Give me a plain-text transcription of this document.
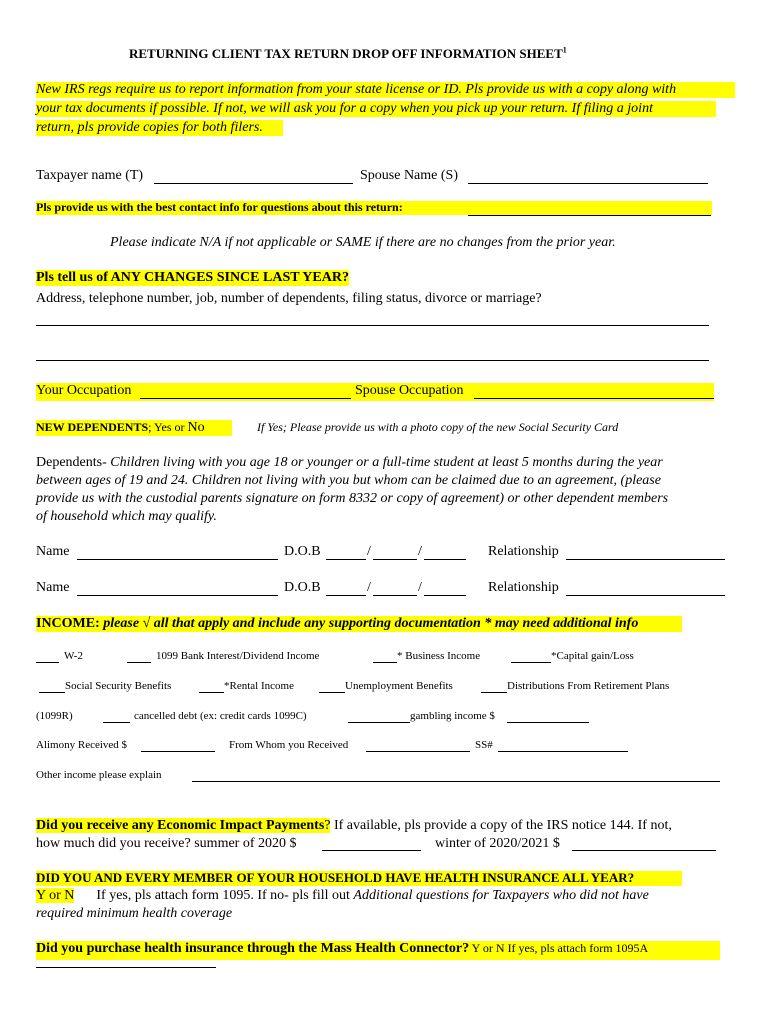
RETURNING CLIENT TAX RETURN DROP OFF INFORMATION SHEET$^1$
New IRS regs require us to report information from your state license or ID. Pls provide us with a copy along with
your tax documents if possible. If not, we will ask you for a copy when you pick up your return. If filing a joint
return, pls provide copies for both filers.
Taxpayer name (T)	Spouse Name (S)
Pls provide us with the best contact info for questions about this return:
Please indicate N/A if not applicable or SAME if there are no changes from the prior year.
Pls tell us of ANY CHANGES SINCE LAST YEAR?
Address, telephone number, job, number of dependents, filing status, divorce or marriage?
Your Occupation	Spouse Occupation
NEW DEPENDENTS; Yes or No	If Yes; Please provide us with a photo copy of the new Social Security Card
Dependents- Children living with you age 18 or younger or a full-time student at least 5 months during the year
between ages of 19 and 24. Children not living with you but whom can be claimed due to an agreement, (please
provide us with the custodial parents signature on form 8332 or copy of agreement) or other dependent members
of household which may qualify.
Name	D.O.B	/	/	Relationship
Name	D.O.B	/	/	Relationship
INCOME: please √ all that apply and include any supporting documentation * may need additional info
W-2	1099 Bank Interest/Dividend Income	* Business Income	*Capital gain/Loss
Social Security Benefits	*Rental Income	Unemployment Benefits	Distributions From Retirement Plans
(1099R)	cancelled debt (ex: credit cards 1099C)	gambling income $
Alimony Received $	From Whom you Received	SS#
Other income please explain
Did you receive any Economic Impact Payments? If available, pls provide a copy of the IRS notice 144. If not,
how much did you receive? summer of 2020 $	winter of 2020/2021 $
DID YOU AND EVERY MEMBER OF YOUR HOUSEHOLD HAVE HEALTH INSURANCE ALL YEAR?
Y or N If yes, pls attach form 1095. If no- pls fill out Additional questions for Taxpayers who did not have
required minimum health coverage
Did you purchase health insurance through the Mass Health Connector? Y or N If yes, pls attach form 1095A
